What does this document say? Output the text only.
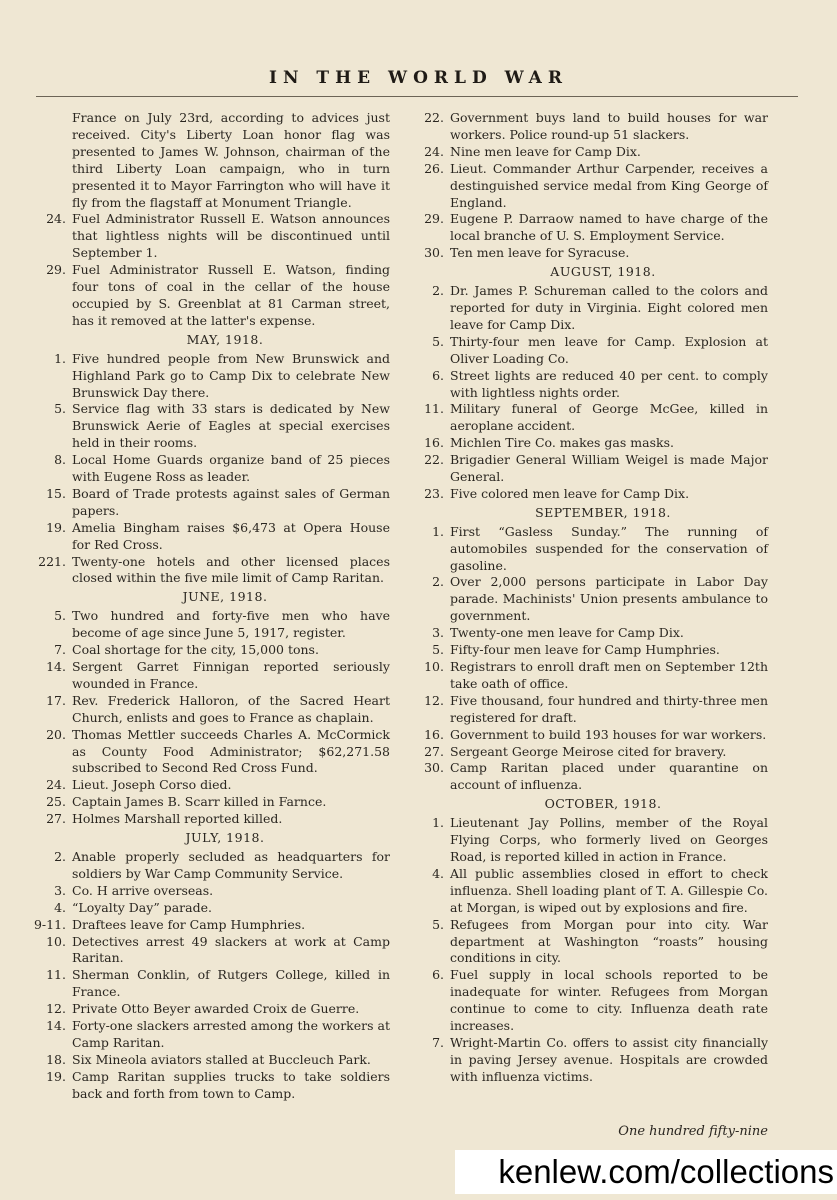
IN THE WORLD WAR
France on July 23rd, according to advices just received. City's Liberty Loan honor flag was presented to James W. Johnson, chairman of the third Liberty Loan campaign, who in turn presented it to Mayor Farrington who will have it fly from the flagstaff at Monument Triangle.
24. Fuel Administrator Russell E. Watson announces that lightless nights will be discontinued until September 1.
29. Fuel Administrator Russell E. Watson, finding four tons of coal in the cellar of the house occupied by S. Greenblat at 81 Carman street, has it removed at the latter's expense.
MAY, 1918.
1. Five hundred people from New Brunswick and Highland Park go to Camp Dix to celebrate New Brunswick Day there.
5. Service flag with 33 stars is dedicated by New Brunswick Aerie of Eagles at special exercises held in their rooms.
8. Local Home Guards organize band of 25 pieces with Eugene Ross as leader.
15. Board of Trade protests against sales of German papers.
19. Amelia Bingham raises $6,473 at Opera House for Red Cross.
221. Twenty-one hotels and other licensed places closed within the five mile limit of Camp Raritan.
JUNE, 1918.
5. Two hundred and forty-five men who have become of age since June 5, 1917, register.
7. Coal shortage for the city, 15,000 tons.
14. Sergent Garret Finnigan reported seriously wounded in France.
17. Rev. Frederick Halloron, of the Sacred Heart Church, enlists and goes to France as chaplain.
20. Thomas Mettler succeeds Charles A. McCormick as County Food Administrator; $62,271.58 subscribed to Second Red Cross Fund.
24. Lieut. Joseph Corso died.
25. Captain James B. Scarr killed in Farnce.
27. Holmes Marshall reported killed.
JULY, 1918.
2. Anable properly secluded as headquarters for soldiers by War Camp Community Service.
3. Co. H arrive overseas.
4. “Loyalty Day” parade.
9-11. Draftees leave for Camp Humphries.
10. Detectives arrest 49 slackers at work at Camp Raritan.
11. Sherman Conklin, of Rutgers College, killed in France.
12. Private Otto Beyer awarded Croix de Guerre.
14. Forty-one slackers arrested among the workers at Camp Raritan.
18. Six Mineola aviators stalled at Buccleuch Park.
19. Camp Raritan supplies trucks to take soldiers back and forth from town to Camp.
22. Government buys land to build houses for war workers. Police round-up 51 slackers.
24. Nine men leave for Camp Dix.
26. Lieut. Commander Arthur Carpender, receives a destinguished service medal from King George of England.
29. Eugene P. Darraow named to have charge of the local branche of U. S. Employment Service.
30. Ten men leave for Syracuse.
AUGUST, 1918.
2. Dr. James P. Schureman called to the colors and reported for duty in Virginia. Eight colored men leave for Camp Dix.
5. Thirty-four men leave for Camp. Explosion at Oliver Loading Co.
6. Street lights are reduced 40 per cent. to comply with lightless nights order.
11. Military funeral of George McGee, killed in aeroplane accident.
16. Michlen Tire Co. makes gas masks.
22. Brigadier General William Weigel is made Major General.
23. Five colored men leave for Camp Dix.
SEPTEMBER, 1918.
1. First “Gasless Sunday.” The running of automobiles suspended for the conservation of gasoline.
2. Over 2,000 persons participate in Labor Day parade. Machinists' Union presents ambulance to government.
3. Twenty-one men leave for Camp Dix.
5. Fifty-four men leave for Camp Humphries.
10. Registrars to enroll draft men on September 12th take oath of office.
12. Five thousand, four hundred and thirty-three men registered for draft.
16. Government to build 193 houses for war workers.
27. Sergeant George Meirose cited for bravery.
30. Camp Raritan placed under quarantine on account of influenza.
OCTOBER, 1918.
1. Lieutenant Jay Pollins, member of the Royal Flying Corps, who formerly lived on Georges Road, is reported killed in action in France.
4. All public assemblies closed in effort to check influenza. Shell loading plant of T. A. Gillespie Co. at Morgan, is wiped out by explosions and fire.
5. Refugees from Morgan pour into city. War department at Washington “roasts” housing conditions in city.
6. Fuel supply in local schools reported to be inadequate for winter. Refugees from Morgan continue to come to city. Influenza death rate increases.
7. Wright-Martin Co. offers to assist city financially in paving Jersey avenue. Hospitals are crowded with influenza victims.
One hundred fifty-nine
kenlew.com/collections
